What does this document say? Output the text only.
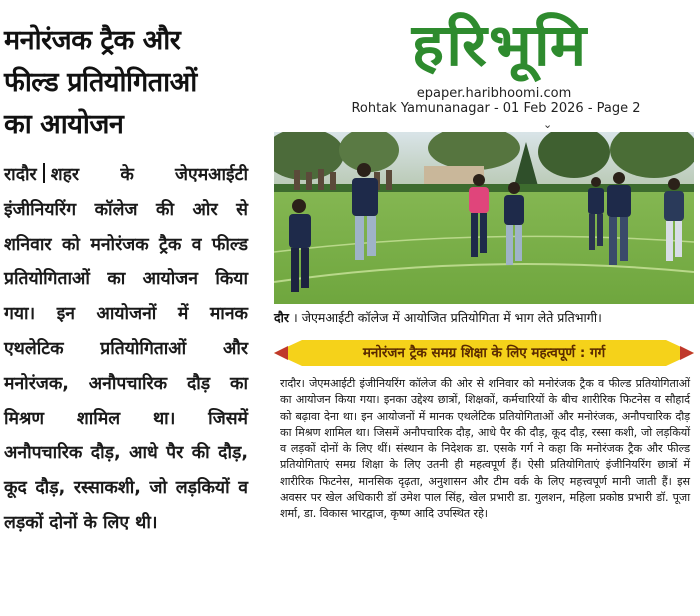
मनोरंजक ट्रैक और
फील्ड प्रतियोगिताओं
का आयोजन
रादौर शहर के जेएमआईटी इंजीनियरिंग कॉलेज की ओर से शनिवार को मनोरंजक ट्रैक व फील्ड प्रतियोगिताओं का आयोजन किया गया। इन आयोजनों में मानक एथलेटिक प्रतियोगिताओं और मनोरंजक, अनौपचारिक दौड़ का मिश्रण शामिल था। जिसमें अनौपचारिक दौड़, आधे पैर की दौड़, कूद दौड़, रस्साकशी, जो लड़कियों व लड़कों दोनों के लिए थी।
हरिभूमि
epaper.haribhoomi.com
Rohtak Yamunanagar - 01 Feb 2026 - Page 2
⌄
दौर । जेएमआईटी कॉलेज में आयोजित प्रतियोगिता में भाग लेते प्रतिभागी।
मनोरंजन ट्रैक समग्र शिक्षा के लिए महत्वपूर्ण : गर्ग
रादौर। जेएमआईटी इंजीनियरिंग कॉलेज की ओर से शनिवार को मनोरंजक ट्रैक व फील्ड प्रतियोगिताओं का आयोजन किया गया। इनका उद्देश्य छात्रों, शिक्षकों, कर्मचारियों के बीच शारीरिक फिटनेस व सौहार्द को बढ़ावा देना था। इन आयोजनों में मानक एथलेटिक प्रतियोगिताओं और मनोरंजक, अनौपचारिक दौड़ का मिश्रण शामिल था। जिसमें अनौपचारिक दौड़, आधे पैर की दौड़, कूद दौड़, रस्सा कशी, जो लड़कियों व लड़कों दोनों के लिए थीं। संस्थान के निदेशक डा. एसके गर्ग ने कहा कि मनोरंजक ट्रैक और फील्ड प्रतियोगिताएं समग्र शिक्षा के लिए उतनी ही महत्वपूर्ण हैं। ऐसी प्रतियोगिताएं इंजीनियरिंग छात्रों में शारीरिक फिटनेस, मानसिक दृढ़ता, अनुशासन और टीम वर्क के लिए महत्त्वपूर्ण मानी जाती हैं। इस अवसर पर खेल अधिकारी डॉ उमेश पाल सिंह, खेल प्रभारी डा. गुलशन, महिला प्रकोष्ठ प्रभारी डॉ. पूजा शर्मा, डा. विकास भारद्वाज, कृष्ण आदि उपस्थित रहे।
